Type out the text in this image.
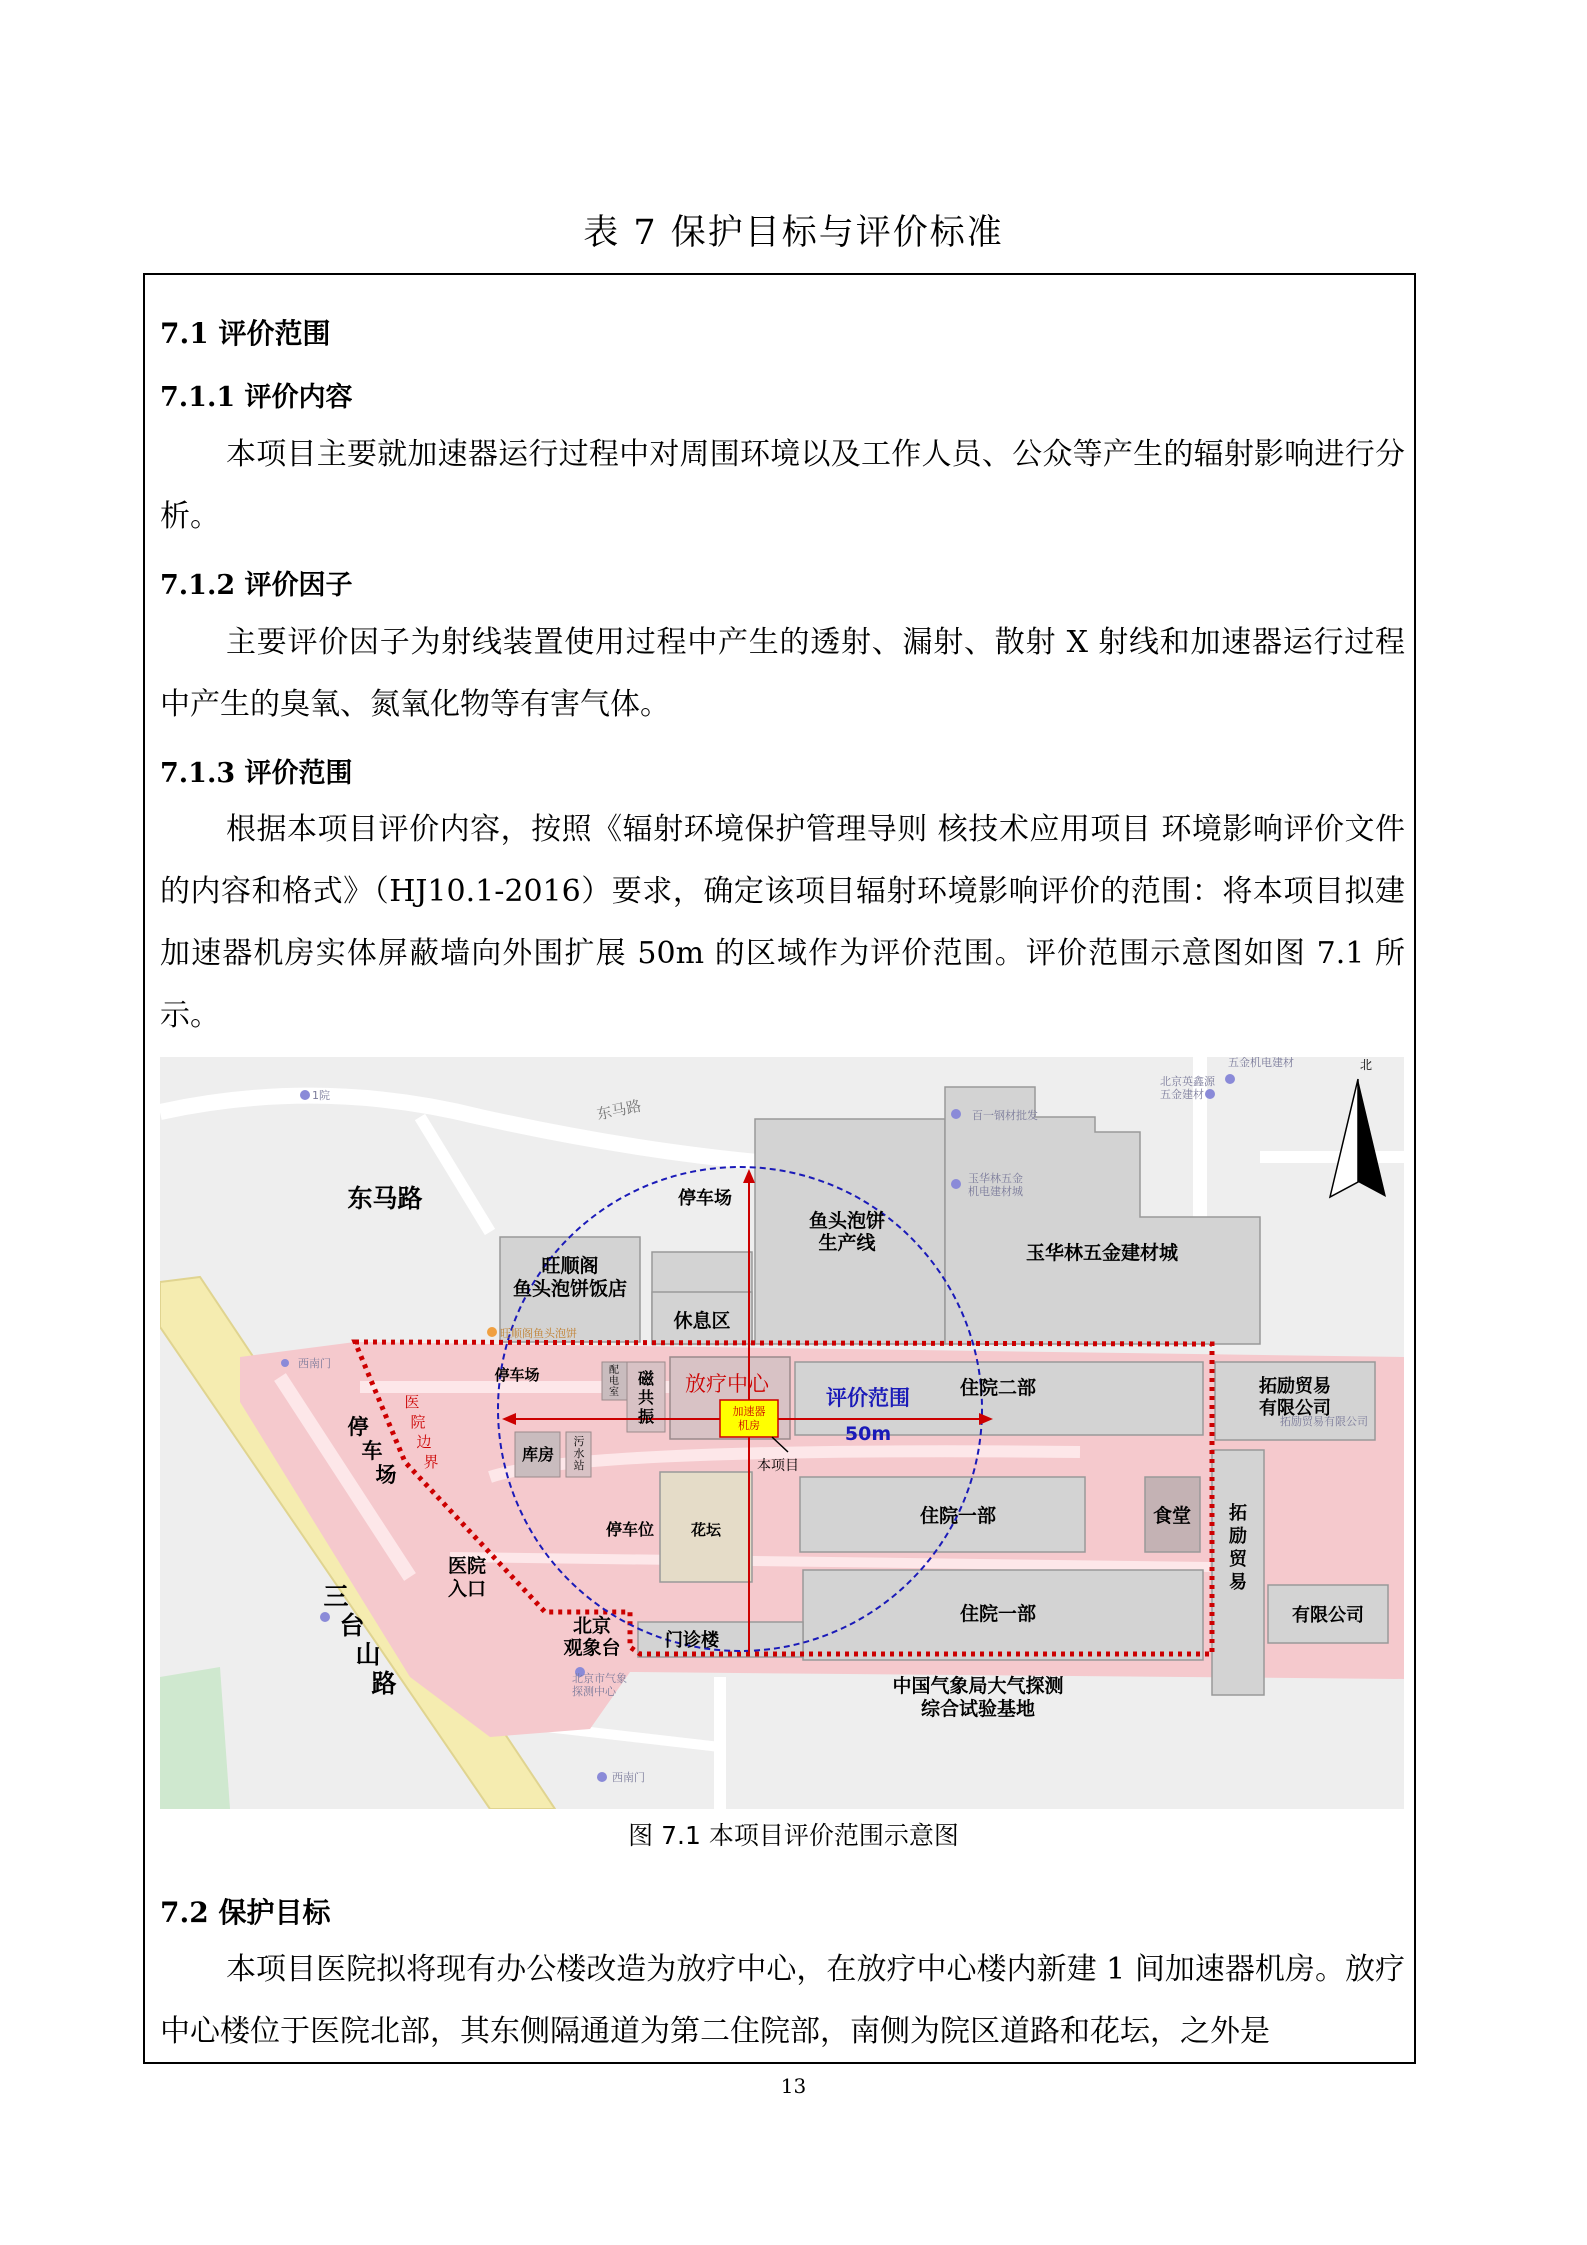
表 7 保护目标与评价标准
7.1 评价范围
7.1.1 评价内容

本项目主要就加速器运行过程中对周围环境以及工作人员、公众等产生的辐射影响进行分析。

7.1.2 评价因子

主要评价因子为射线装置使用过程中产生的透射、漏射、散射 X 射线和加速器运行过程中产生的臭氧、氮氧化物等有害气体。

7.1.3 评价范围

根据本项目评价内容，按照《辐射环境保护管理导则 核技术应用项目 环境影响评价文件的内容和格式》（HJ10.1-2016）要求，确定该项目辐射环境影响评价的范围：将本项目拟建加速器机房实体屏蔽墙向外围扩展 50m 的区域作为评价范围。评价范围示意图如图 7.1 所示。

北
东马路
东马路	停车场
鱼头泡饼生产线	玉华林五金建材城
旺顺阁鱼头泡饼饭店
休息区
放疗中心
评价范围
50m
住院二部	拓励贸易有限公司
停车场	配电室
磁共振	加速器机房
本项目
医院边界
停车场
库房
污水站
停车位 花坛
住院一部	食堂 拓励贸易
有限公司
医院入口
三台山路
北京观象台 门诊楼
住院一部
中国气象局大气探测综合试验基地
北京英鑫源五金建材
百一钢材批发
玉华林五金机电建材城
五金机电建材
旺顺阁鱼头泡饼
西南门
拓励贸易有限公司
北京市气象探测中心
西南门
1院
图 7.1 本项目评价范围示意图
7.2 保护目标

本项目医院拟将现有办公楼改造为放疗中心，在放疗中心楼内新建 1 间加速器机房。放疗中心楼位于医院北部，其东侧隔通道为第二住院部，南侧为院区道路和花坛，之外是

13
